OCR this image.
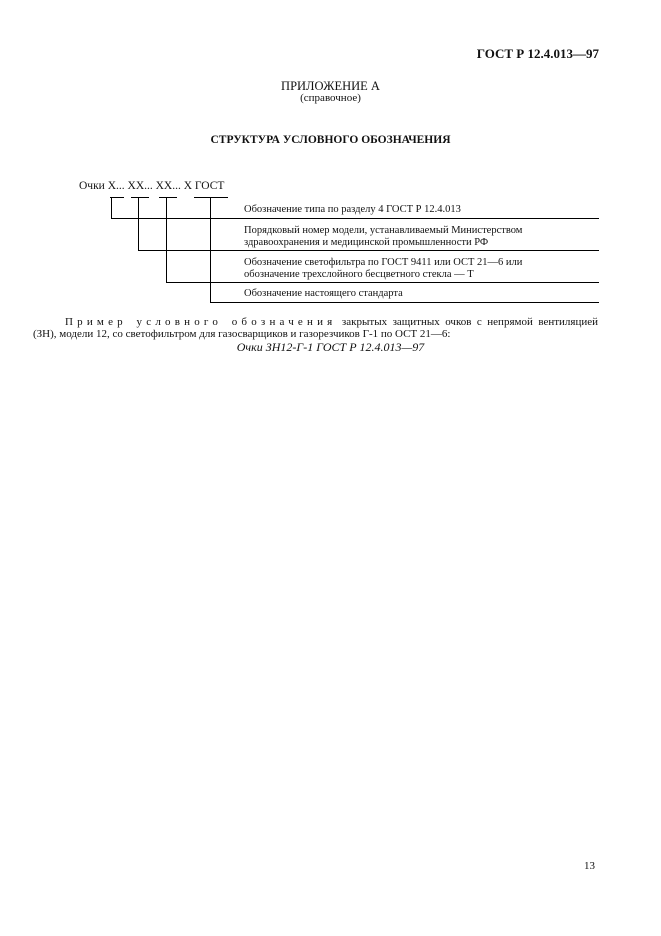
ГОСТ Р 12.4.013—97
ПРИЛОЖЕНИЕ А
(справочное)
СТРУКТУРА УСЛОВНОГО ОБОЗНАЧЕНИЯ
Очки Х... ХХ... ХХ... Х ГОСТ
Обозначение типа по разделу 4 ГОСТ Р 12.4.013
Порядковый номер модели, устанавливаемый Министерством
здравоохранения и медицинской промышленности РФ
Обозначение светофильтра по ГОСТ 9411 или ОСТ 21—6 или
обозначение трехслойного бесцветного стекла — Т
Обозначение настоящего стандарта
Пример условного обозначения закрытых защитных очков с непрямой вентиляцией (ЗН), модели 12, со светофильтром для газосварщиков и газорезчиков Г-1 по ОСТ 21—6:
Очки ЗН12-Г-1 ГОСТ Р 12.4.013—97
13
